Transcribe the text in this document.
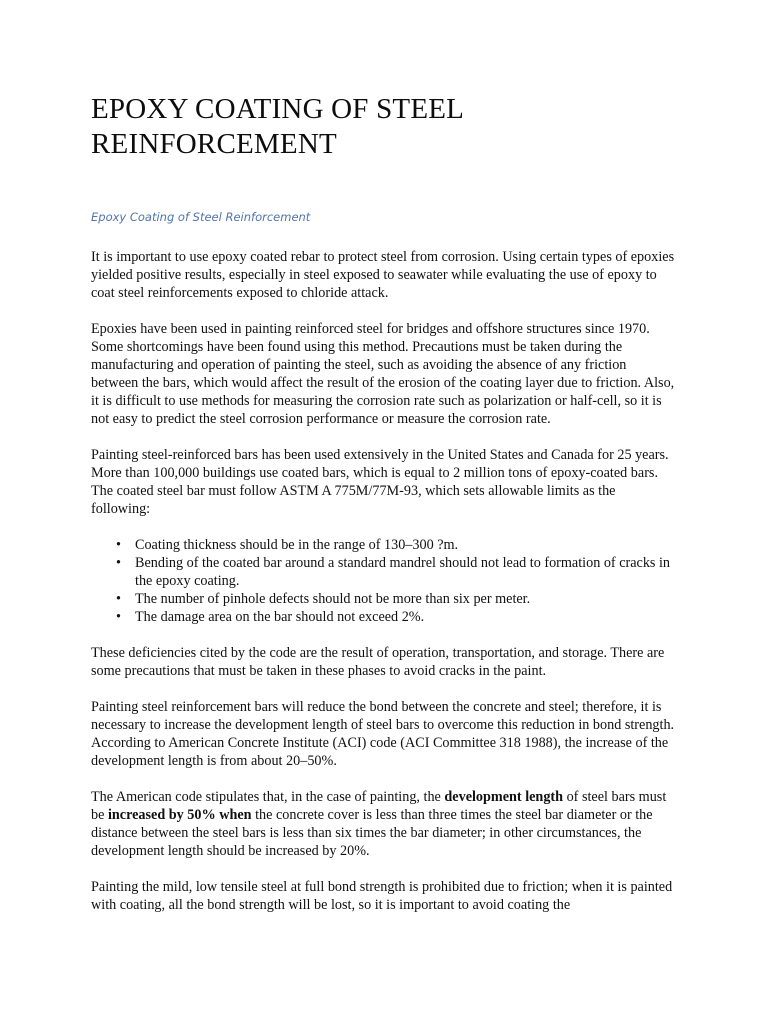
EPOXY COATING OF STEEL
REINFORCEMENT

Epoxy Coating of Steel Reinforcement

It is important to use epoxy coated rebar to protect steel from corrosion. Using certain types of epoxies yielded positive results, especially in steel exposed to seawater while evaluating the use of epoxy to coat steel reinforcements exposed to chloride attack.

Epoxies have been used in painting reinforced steel for bridges and offshore structures since 1970. Some shortcomings have been found using this method. Precautions must be taken during the manufacturing and operation of painting the steel, such as avoiding the absence of any friction between the bars, which would affect the result of the erosion of the coating layer due to friction. Also, it is difficult to use methods for measuring the corrosion rate such as polarization or half-cell, so it is not easy to predict the steel corrosion performance or measure the corrosion rate.

Painting steel-reinforced bars has been used extensively in the United States and Canada for 25 years. More than 100,000 buildings use coated bars, which is equal to 2 million tons of epoxy-coated bars. The coated steel bar must follow ASTM A 775M/77M-93, which sets allowable limits as the following:

• Coating thickness should be in the range of 130–300 ?m.
• Bending of the coated bar around a standard mandrel should not lead to formation of cracks in the epoxy coating.
• The number of pinhole defects should not be more than six per meter.
• The damage area on the bar should not exceed 2%.

These deficiencies cited by the code are the result of operation, transportation, and storage. There are some precautions that must be taken in these phases to avoid cracks in the paint.

Painting steel reinforcement bars will reduce the bond between the concrete and steel; therefore, it is necessary to increase the development length of steel bars to overcome this reduction in bond strength. According to American Concrete Institute (ACI) code (ACI Committee 318 1988), the increase of the development length is from about 20–50%.

The American code stipulates that, in the case of painting, the development length of steel bars must be increased by 50% when the concrete cover is less than three times the steel bar diameter or the distance between the steel bars is less than six times the bar diameter; in other circumstances, the development length should be increased by 20%.

Painting the mild, low tensile steel at full bond strength is prohibited due to friction; when it is painted with coating, all the bond strength will be lost, so it is important to avoid coating the
